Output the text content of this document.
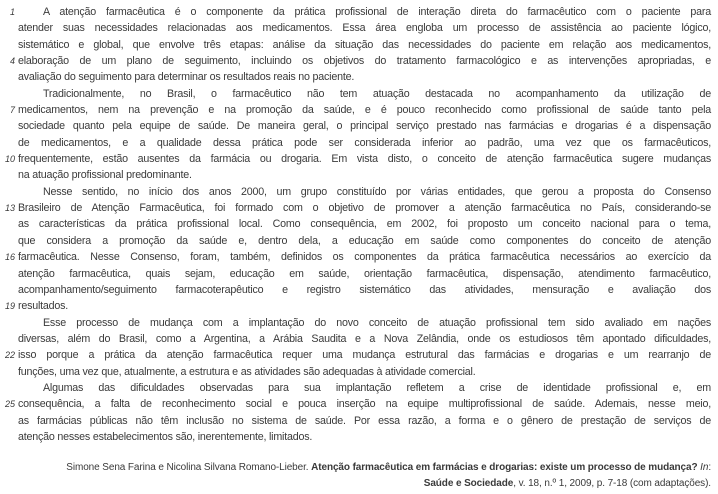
1	A atenção farmacêutica é o componente da prática profissional de interação direta do farmacêutico com o paciente para
atender suas necessidades relacionadas aos medicamentos. Essa área engloba um processo de assistência ao paciente lógico,
sistemático e global, que envolve três etapas: análise da situação das necessidades do paciente em relação aos medicamentos,
4 elaboração de um plano de seguimento, incluindo os objetivos do tratamento farmacológico e as intervenções apropriadas, e
avaliação do seguimento para determinar os resultados reais no paciente.
Tradicionalmente, no Brasil, o farmacêutico não tem atuação destacada no acompanhamento da utilização de
7 medicamentos, nem na prevenção e na promoção da saúde, e é pouco reconhecido como profissional de saúde tanto pela
sociedade quanto pela equipe de saúde. De maneira geral, o principal serviço prestado nas farmácias e drogarias é a dispensação
de medicamentos, e a qualidade dessa prática pode ser considerada inferior ao padrão, uma vez que os farmacêuticos,
10 frequentemente, estão ausentes da farmácia ou drogaria. Em vista disto, o conceito de atenção farmacêutica sugere mudanças
na atuação profissional predominante.
Nesse sentido, no início dos anos 2000, um grupo constituído por várias entidades, que gerou a proposta do Consenso
13 Brasileiro de Atenção Farmacêutica, foi formado com o objetivo de promover a atenção farmacêutica no País, considerando-se
as características da prática profissional local. Como consequência, em 2002, foi proposto um conceito nacional para o tema,
que considera a promoção da saúde e, dentro dela, a educação em saúde como componentes do conceito de atenção
16 farmacêutica. Nesse Consenso, foram, também, definidos os componentes da prática farmacêutica necessários ao exercício da
atenção farmacêutica, quais sejam, educação em saúde, orientação farmacêutica, dispensação, atendimento farmacêutico,
acompanhamento/seguimento farmacoterapêutico e registro sistemático das atividades, mensuração e avaliação dos
19 resultados.
Esse processo de mudança com a implantação do novo conceito de atuação profissional tem sido avaliado em nações
diversas, além do Brasil, como a Argentina, a Arábia Saudita e a Nova Zelândia, onde os estudiosos têm apontado dificuldades,
22 isso porque a prática da atenção farmacêutica requer uma mudança estrutural das farmácias e drogarias e um rearranjo de
funções, uma vez que, atualmente, a estrutura e as atividades são adequadas à atividade comercial.
Algumas das dificuldades observadas para sua implantação refletem a crise de identidade profissional e, em
25 consequência, a falta de reconhecimento social e pouca inserção na equipe multiprofissional de saúde. Ademais, nesse meio,
as farmácias públicas não têm inclusão no sistema de saúde. Por essa razão, a forma e o gênero de prestação de serviços de
atenção nesses estabelecimentos são, inerentemente, limitados.
Simone Sena Farina e Nicolina Silvana Romano-Lieber. Atenção farmacêutica em farmácias e drogarias: existe um processo de mudança? In:
Saúde e Sociedade, v. 18, n.º 1, 2009, p. 7-18 (com adaptações).
